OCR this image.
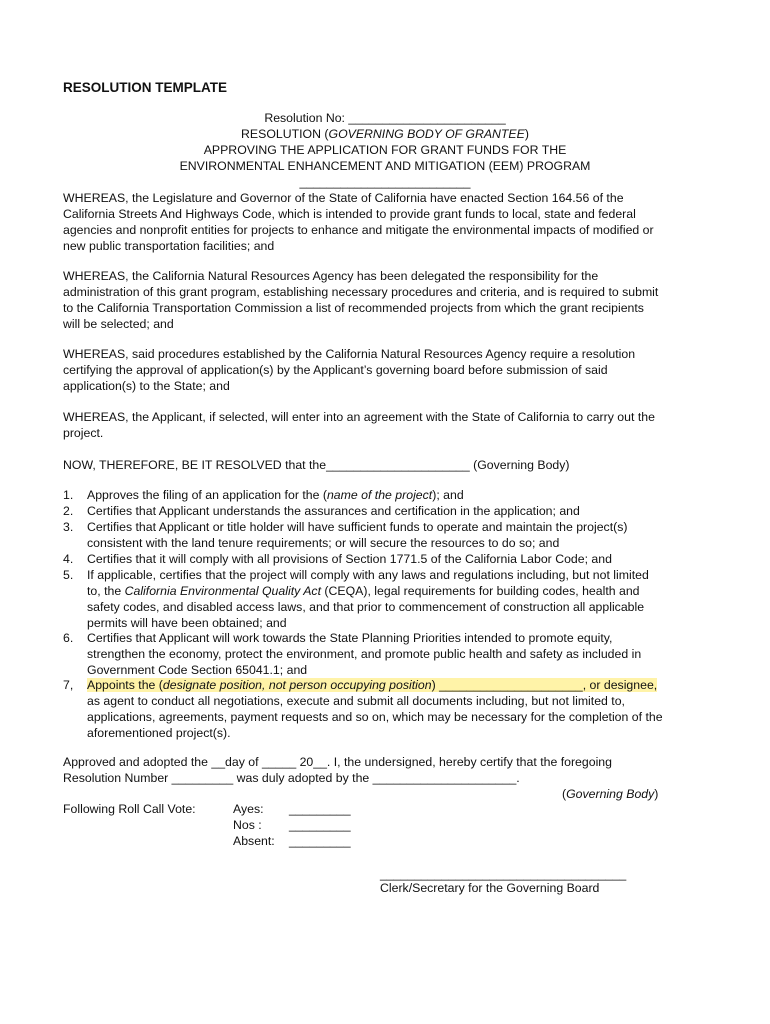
RESOLUTION TEMPLATE
Resolution No: _______________________
RESOLUTION (GOVERNING BODY OF GRANTEE)
APPROVING THE APPLICATION FOR GRANT FUNDS FOR THE
ENVIRONMENTAL ENHANCEMENT AND MITIGATION (EEM) PROGRAM
_________________________
WHEREAS, the Legislature and Governor of the State of California have enacted Section 164.56 of the
California Streets And Highways Code, which is intended to provide grant funds to local, state and federal
agencies and nonprofit entities for projects to enhance and mitigate the environmental impacts of modified or
new public transportation facilities; and
WHEREAS, the California Natural Resources Agency has been delegated the responsibility for the
administration of this grant program, establishing necessary procedures and criteria, and is required to submit
to the California Transportation Commission a list of recommended projects from which the grant recipients
will be selected; and
WHEREAS, said procedures established by the California Natural Resources Agency require a resolution
certifying the approval of application(s) by the Applicant’s governing board before submission of said
application(s) to the State; and
WHEREAS, the Applicant, if selected, will enter into an agreement with the State of California to carry out the
project.
NOW, THEREFORE, BE IT RESOLVED that the_____________________ (Governing Body)
1. Approves the filing of an application for the (name of the project); and
2. Certifies that Applicant understands the assurances and certification in the application; and
3. Certifies that Applicant or title holder will have sufficient funds to operate and maintain the project(s)
consistent with the land tenure requirements; or will secure the resources to do so; and
4. Certifies that it will comply with all provisions of Section 1771.5 of the California Labor Code; and
5. If applicable, certifies that the project will comply with any laws and regulations including, but not limited
to, the California Environmental Quality Act (CEQA), legal requirements for building codes, health and
safety codes, and disabled access laws, and that prior to commencement of construction all applicable
permits will have been obtained; and
6. Certifies that Applicant will work towards the State Planning Priorities intended to promote equity,
strengthen the economy, protect the environment, and promote public health and safety as included in
Government Code Section 65041.1; and
7, Appoints the (designate position, not person occupying position) _____________________, or designee,
as agent to conduct all negotiations, execute and submit all documents including, but not limited to,
applications, agreements, payment requests and so on, which may be necessary for the completion of the
aforementioned project(s).
Approved and adopted the __day of _____ 20__. I, the undersigned, hereby certify that the foregoing
Resolution Number _________ was duly adopted by the _____________________.
(Governing Body)
Following Roll Call Vote:	Ayes: _________
Nos : _________
Absent: _________
____________________________________
Clerk/Secretary for the Governing Board
